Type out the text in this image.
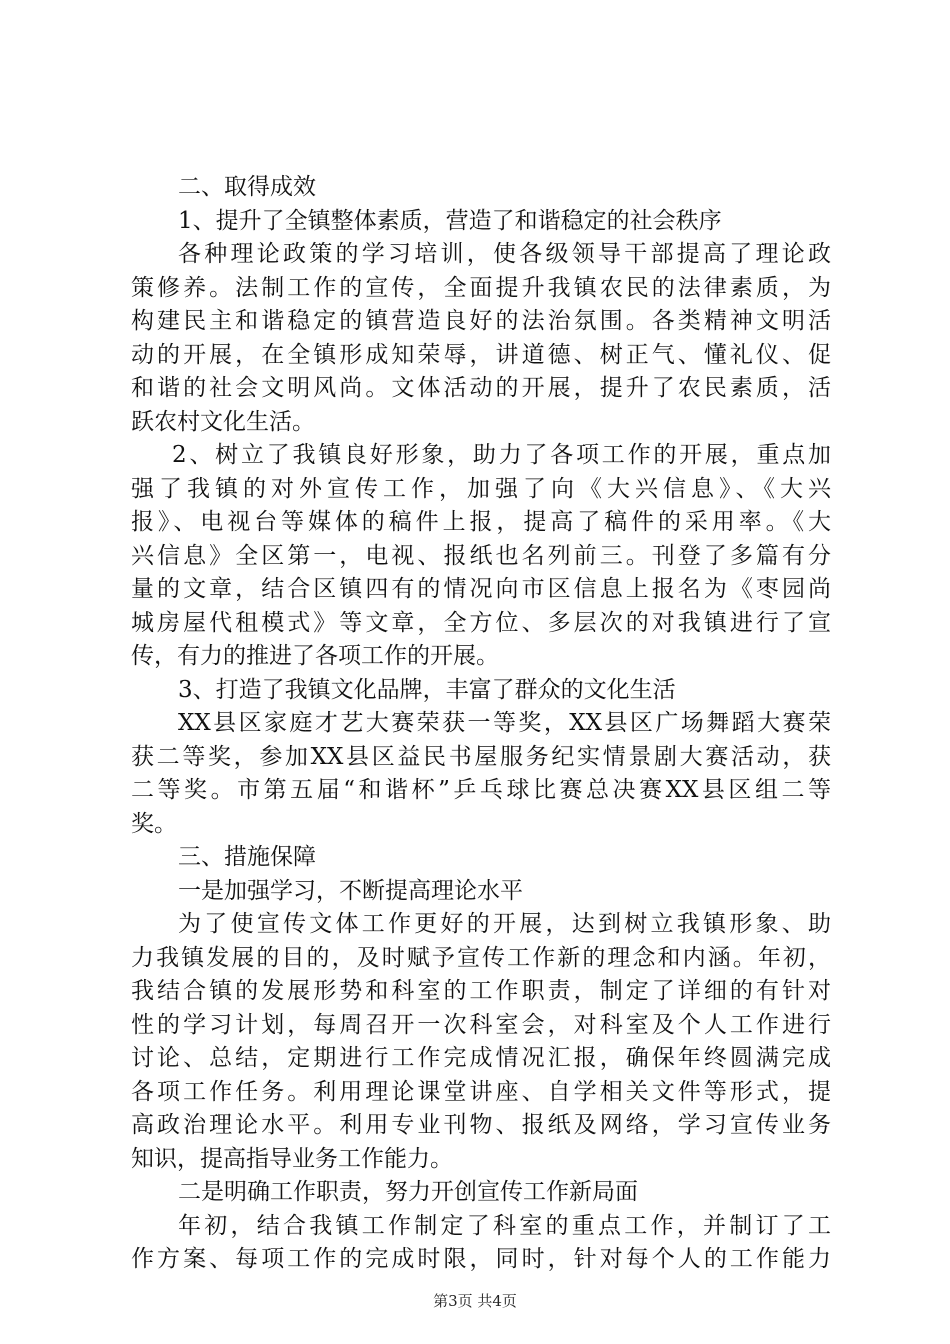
二、取得成效
1、提升了全镇整体素质，营造了和谐稳定的社会秩序
各种理论政策的学习培训，使各级领导干部提高了理论政
策修养。法制工作的宣传，全面提升我镇农民的法律素质，为
构建民主和谐稳定的镇营造良好的法治氛围。各类精神文明活
动的开展，在全镇形成知荣辱，讲道德、树正气、懂礼仪、促
和谐的社会文明风尚。文体活动的开展，提升了农民素质，活
跃农村文化生活。
2、树立了我镇良好形象，助力了各项工作的开展，重点加
强了我镇的对外宣传工作，加强了向《大兴信息》、《大兴
报》、电视台等媒体的稿件上报，提高了稿件的采用率。《大
兴信息》全区第一，电视、报纸也名列前三。刊登了多篇有分
量的文章，结合区镇四有的情况向市区信息上报名为《枣园尚
城房屋代租模式》等文章，全方位、多层次的对我镇进行了宣
传，有力的推进了各项工作的开展。
3、打造了我镇文化品牌，丰富了群众的文化生活
XX县区家庭才艺大赛荣获一等奖，XX县区广场舞蹈大赛荣
获二等奖，参加XX县区益民书屋服务纪实情景剧大赛活动，获
二等奖。市第五届“和谐杯”乒乓球比赛总决赛XX县区组二等
奖。
三、措施保障
一是加强学习，不断提高理论水平
为了使宣传文体工作更好的开展，达到树立我镇形象、助
力我镇发展的目的，及时赋予宣传工作新的理念和内涵。年初，
我结合镇的发展形势和科室的工作职责，制定了详细的有针对
性的学习计划，每周召开一次科室会，对科室及个人工作进行
讨论、总结，定期进行工作完成情况汇报，确保年终圆满完成
各项工作任务。利用理论课堂讲座、自学相关文件等形式，提
高政治理论水平。利用专业刊物、报纸及网络，学习宣传业务
知识，提高指导业务工作能力。
二是明确工作职责，努力开创宣传工作新局面
年初，结合我镇工作制定了科室的重点工作，并制订了工
作方案、每项工作的完成时限，同时，针对每个人的工作能力
第3页 共4页
